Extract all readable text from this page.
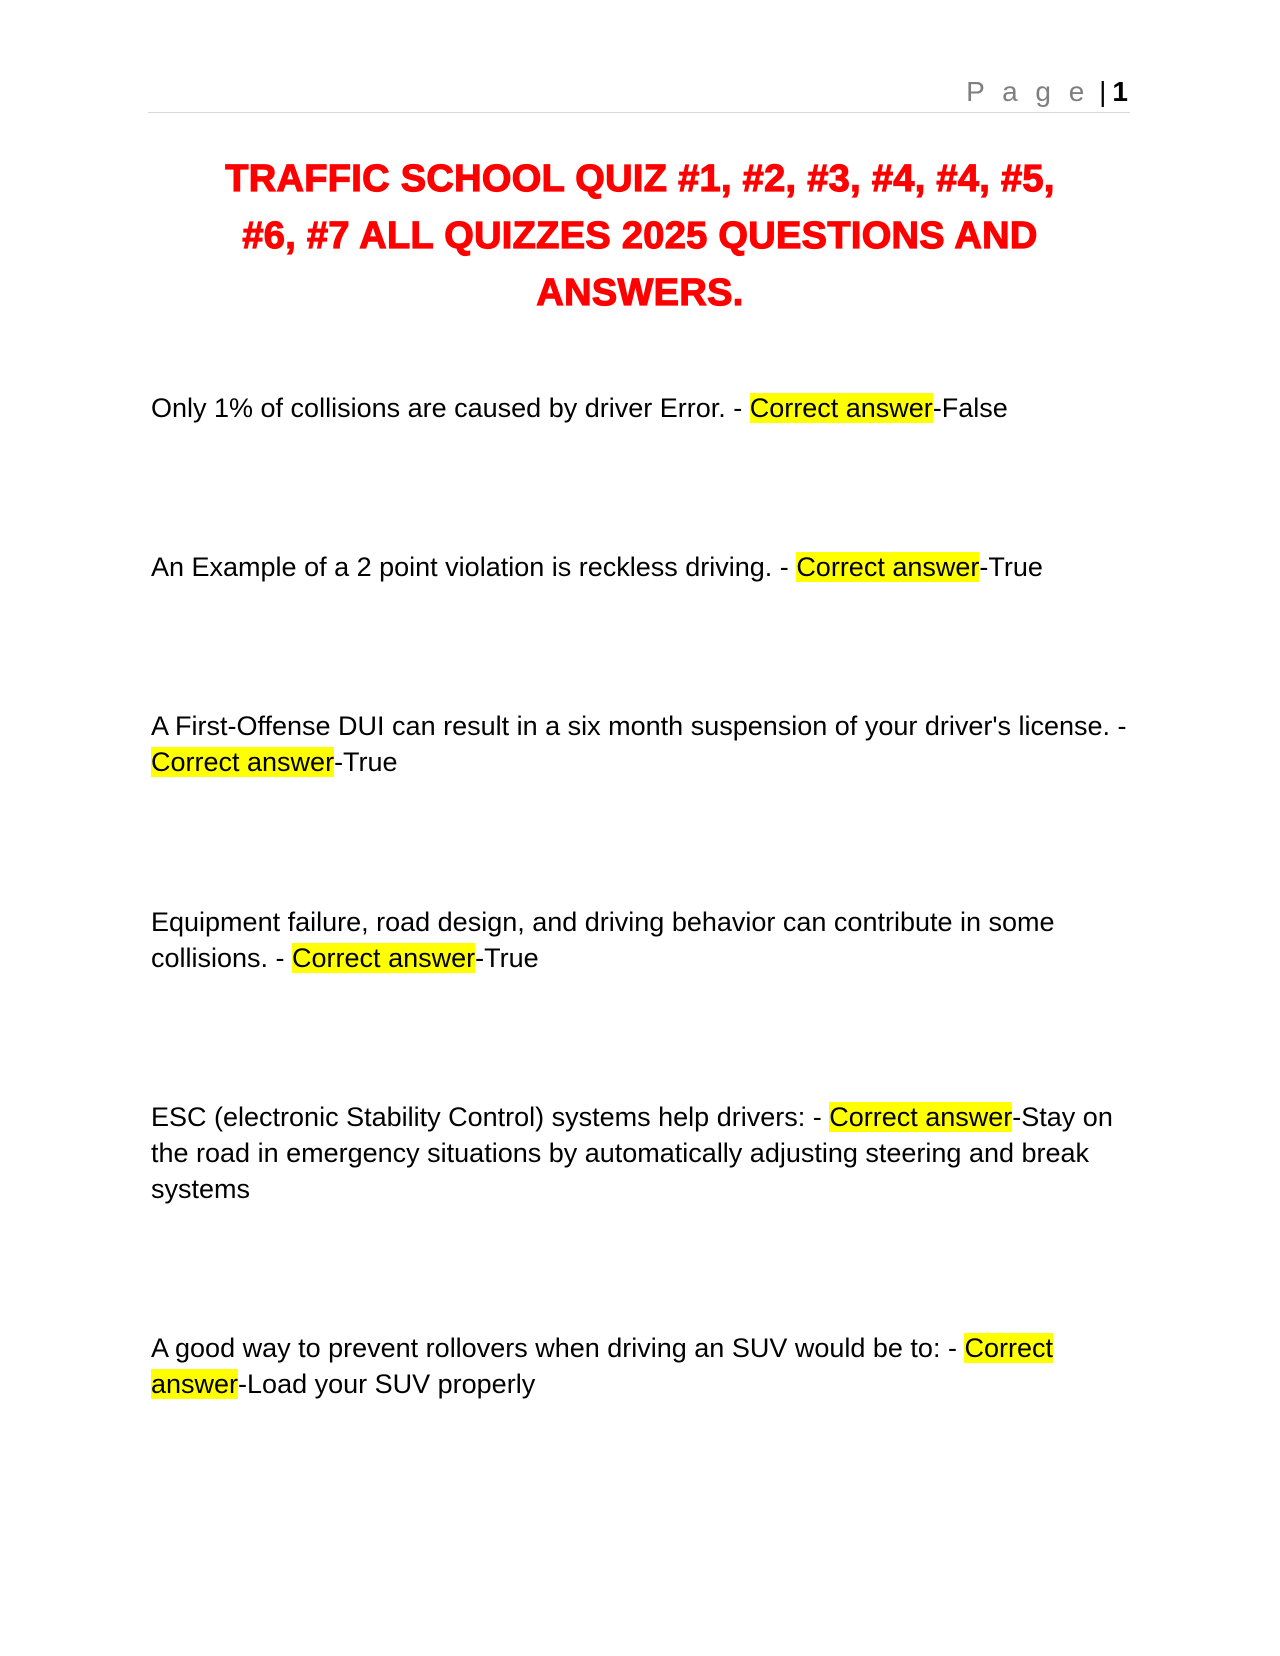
P a g e | 1
TRAFFIC SCHOOL QUIZ #1, #2, #3, #4, #4, #5,
#6, #7 ALL QUIZZES 2025 QUESTIONS AND
ANSWERS.

Only 1% of collisions are caused by driver Error. - Correct answer-False

An Example of a 2 point violation is reckless driving. - Correct answer-True

A First-Offense DUI can result in a six month suspension of your driver's license. - Correct answer-True

Equipment failure, road design, and driving behavior can contribute in some collisions. - Correct answer-True

ESC (electronic Stability Control) systems help drivers: - Correct answer-Stay on the road in emergency situations by automatically adjusting steering and break systems

A good way to prevent rollovers when driving an SUV would be to: - Correct answer-Load your SUV properly
